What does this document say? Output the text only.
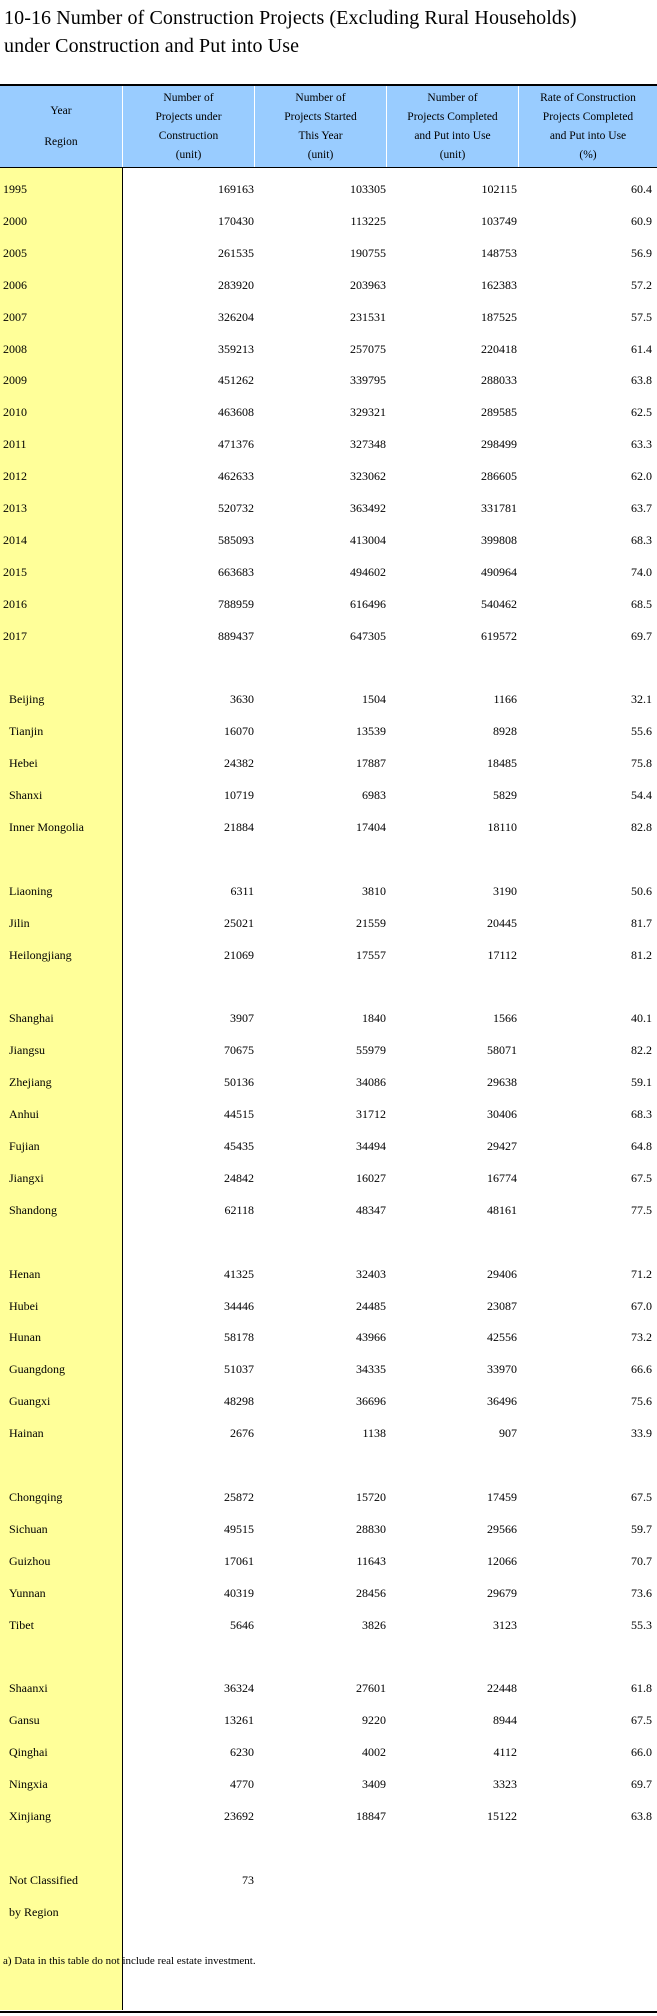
10-16 Number of Construction Projects (Excluding Rural Households)
under Construction and Put into Use
Year
Region
Number of
Projects under
Construction
(unit)
Number of
Projects Started
This Year
(unit)
Number of
Projects Completed
and Put into Use
(unit)
Rate of Construction
Projects Completed
and Put into Use
(%)
1995	169163	103305	102115	60.4
2000	170430	113225	103749	60.9
2005	261535	190755	148753	56.9
2006	283920	203963	162383	57.2
2007	326204	231531	187525	57.5
2008	359213	257075	220418	61.4
2009	451262	339795	288033	63.8
2010	463608	329321	289585	62.5
2011	471376	327348	298499	63.3
2012	462633	323062	286605	62.0
2013	520732	363492	331781	63.7
2014	585093	413004	399808	68.3
2015	663683	494602	490964	74.0
2016	788959	616496	540462	68.5
2017	889437	647305	619572	69.7
Beijing	3630	1504	1166	32.1
Tianjin	16070	13539	8928	55.6
Hebei	24382	17887	18485	75.8
Shanxi	10719	6983	5829	54.4
Inner Mongolia	21884	17404	18110	82.8
Liaoning	6311	3810	3190	50.6
Jilin	25021	21559	20445	81.7
Heilongjiang	21069	17557	17112	81.2
Shanghai	3907	1840	1566	40.1
Jiangsu	70675	55979	58071	82.2
Zhejiang	50136	34086	29638	59.1
Anhui	44515	31712	30406	68.3
Fujian	45435	34494	29427	64.8
Jiangxi	24842	16027	16774	67.5
Shandong	62118	48347	48161	77.5
Henan	41325	32403	29406	71.2
Hubei	34446	24485	23087	67.0
Hunan	58178	43966	42556	73.2
Guangdong	51037	34335	33970	66.6
Guangxi	48298	36696	36496	75.6
Hainan	2676	1138	907	33.9
Chongqing	25872	15720	17459	67.5
Sichuan	49515	28830	29566	59.7
Guizhou	17061	11643	12066	70.7
Yunnan	40319	28456	29679	73.6
Tibet	5646	3826	3123	55.3
Shaanxi	36324	27601	22448	61.8
Gansu	13261	9220	8944	67.5
Qinghai	6230	4002	4112	66.0
Ningxia	4770	3409	3323	69.7
Xinjiang	23692	18847	15122	63.8
Not Classified	73
by Region
a) Data in this table do not include real estate investment.
